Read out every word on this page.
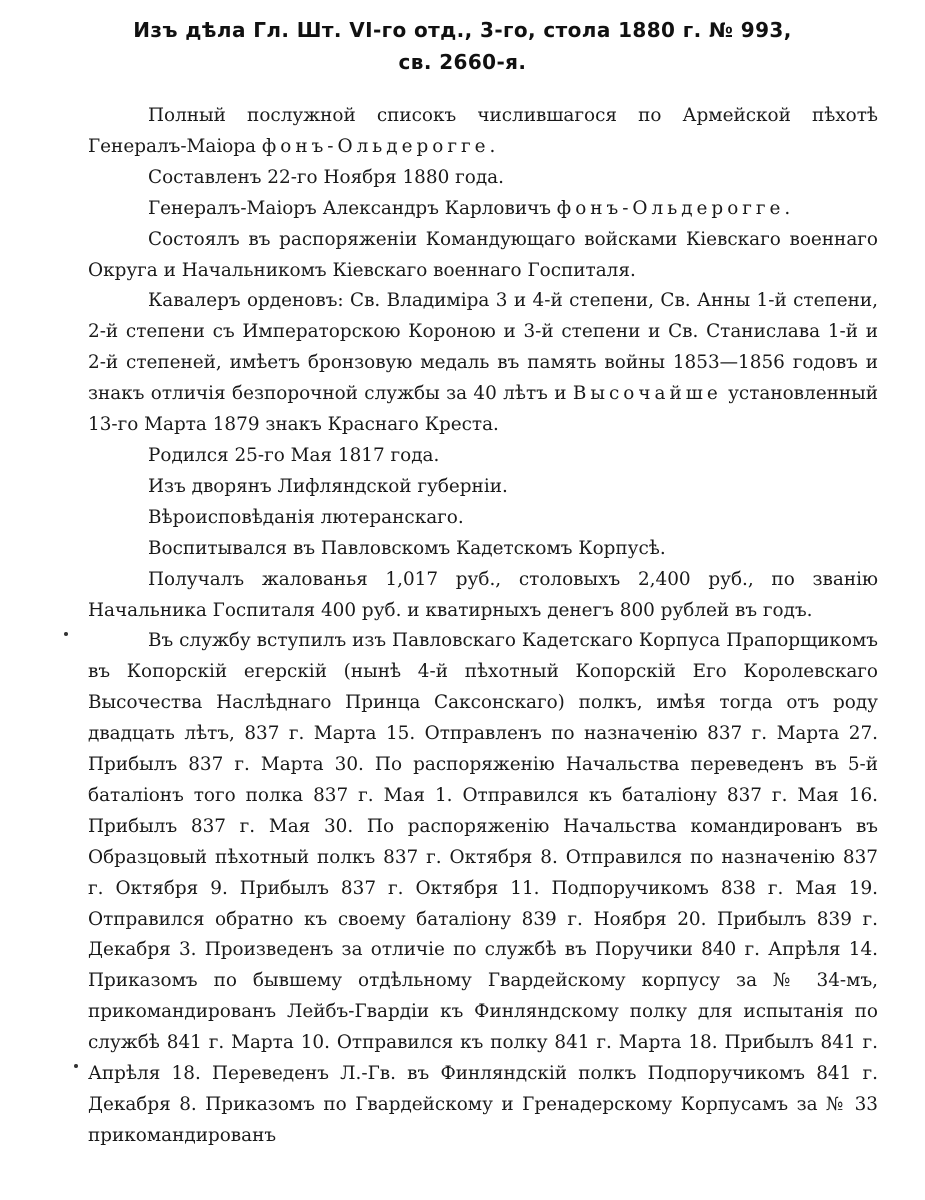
Изъ дѣла Гл. Шт. VI-го отд., 3-го, стола 1880 г. № 993,
св. 2660-я.

Полный послужной списокъ числившагося по Армейской пѣхотѣ Генералъ-Маiора фонъ-Ольдерогге.

Составленъ 22-го Ноября 1880 года.

Генералъ-Маiоръ Александръ Карловичъ фонъ-Ольдерогге.

Состоялъ въ распоряженiи Командующаго войсками Кiевскаго военнаго Округа и Начальникомъ Кiевскаго военнаго Госпиталя.

Кавалеръ орденовъ: Св. Владимiра 3 и 4-й степени, Св. Анны 1-й степени, 2-й степени съ Императорскою Короною и 3-й степени и Св. Станислава 1-й и 2-й степеней, имѣетъ бронзовую медаль въ память войны 1853—1856 годовъ и знакъ отличiя безпорочной службы за 40 лѣтъ и Высочайше установленный 13-го Марта 1879 знакъ Краснаго Креста.

Родился 25-го Мая 1817 года.

Изъ дворянъ Лифляндской губернiи.

Вѣроисповѣданiя лютеранскаго.

Воспитывался въ Павловскомъ Кадетскомъ Корпусѣ.

Получалъ жалованья 1,017 руб., столовыхъ 2,400 руб., по званiю Начальника Госпиталя 400 руб. и кватирныхъ денегъ 800 рублей въ годъ.

Въ службу вступилъ изъ Павловскаго Кадетскаго Корпуса Прапорщикомъ въ Копорскiй егерскiй (нынѣ 4-й пѣхотный Копорскiй Его Королевскаго Высочества Наслѣднаго Принца Саксонскаго) полкъ, имѣя тогда отъ роду двадцать лѣтъ, 837 г. Марта 15. Отправленъ по назначенiю 837 г. Марта 27. Прибылъ 837 г. Марта 30. По распоряженiю Начальства переведенъ въ 5-й баталiонъ того полка 837 г. Мая 1. Отправился къ баталiону 837 г. Мая 16. Прибылъ 837 г. Мая 30. По распоряженiю Начальства командированъ въ Образцовый пѣхотный полкъ 837 г. Октября 8. Отправился по назначенiю 837 г. Октября 9. Прибылъ 837 г. Октября 11. Подпоручикомъ 838 г. Мая 19. Отправился обратно къ своему баталiону 839 г. Ноября 20. Прибылъ 839 г. Декабря 3. Произведенъ за отличiе по службѣ въ Поручики 840 г. Апрѣля 14. Приказомъ по бывшему отдѣльному Гвардейскому корпусу за № 34-мъ, прикомандированъ Лейбъ-Гвардiи къ Финляндскому полку для испытанiя по службѣ 841 г. Марта 10. Отправился къ полку 841 г. Марта 18. Прибылъ 841 г. Апрѣля 18. Переведенъ Л.-Гв. въ Финляндскiй полкъ Подпоручикомъ 841 г. Декабря 8. Приказомъ по Гвардейскому и Гренадерскому Корпусамъ за № 33 прикомандированъ
